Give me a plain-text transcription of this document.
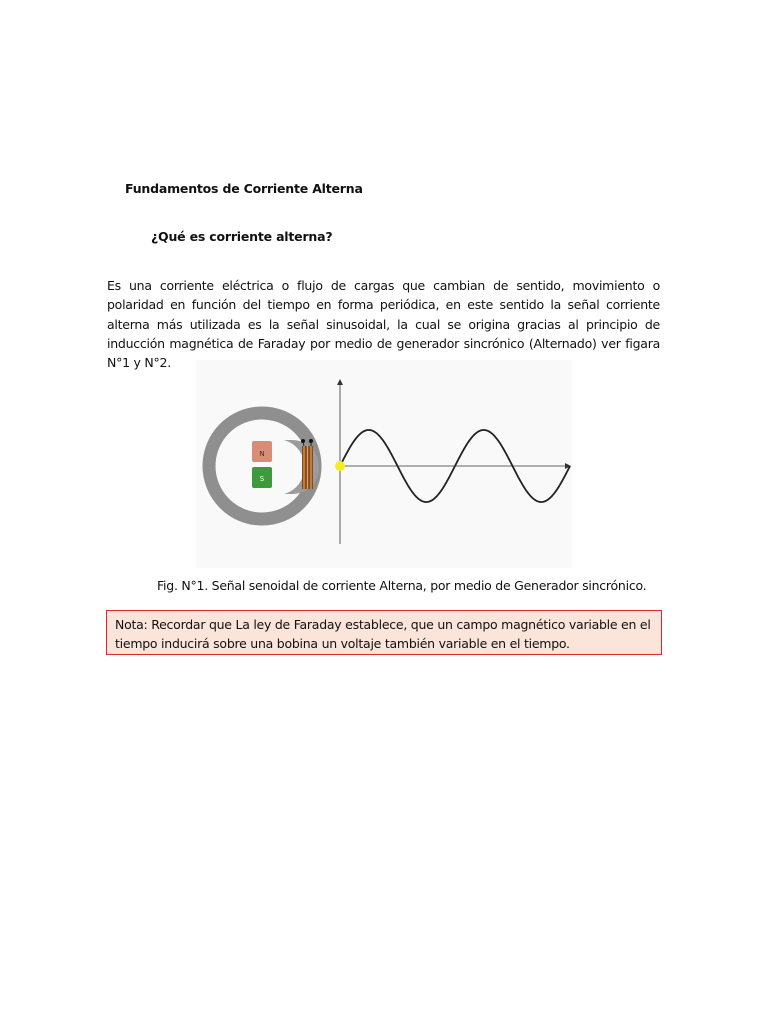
Fundamentos de Corriente Alterna
¿Qué es corriente alterna?

Es una corriente eléctrica o flujo de cargas que cambian de sentido, movimiento o polaridad en función del tiempo en forma periódica, en este sentido la señal corriente alterna más utilizada es la señal sinusoidal, la cual se origina gracias al principio de inducción magnética de Faraday por medio de generador sincrónico (Alternado) ver figara N°1 y N°2.

N
S
Fig. N°1. Señal senoidal de corriente Alterna, por medio de Generador sincrónico.
Nota: Recordar que La ley de Faraday establece, que un campo magnético variable en el tiempo inducirá sobre una bobina un voltaje también variable en el tiempo.
